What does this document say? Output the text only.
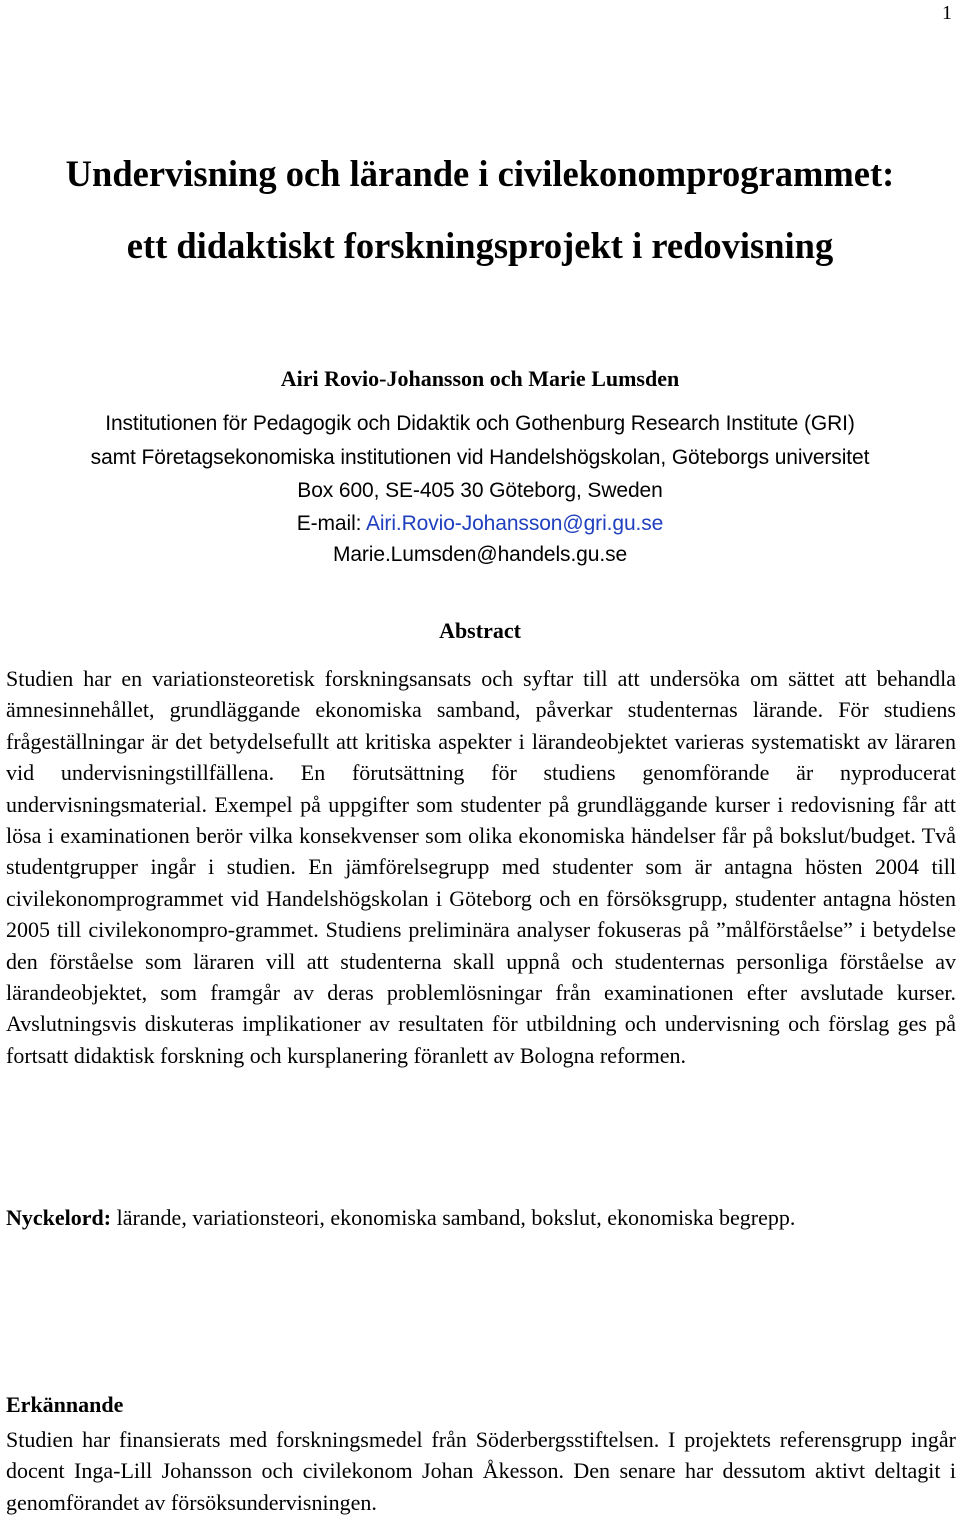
1
Undervisning och lärande i civilekonomprogrammet:
ett didaktiskt forskningsprojekt i redovisning

Airi Rovio-Johansson och Marie Lumsden

Institutionen för Pedagogik och Didaktik och Gothenburg Research Institute (GRI)

samt Företagsekonomiska institutionen vid Handelshögskolan, Göteborgs universitet

Box 600, SE-405 30 Göteborg, Sweden

E-mail: Airi.Rovio-Johansson@gri.gu.se

Marie.Lumsden@handels.gu.se

Abstract

Studien har en variationsteoretisk forskningsansats och syftar till att undersöka om sättet att behandla ämnesinnehållet, grundläggande ekonomiska samband, påverkar studenternas lärande. För studiens frågeställningar är det betydelsefullt att kritiska aspekter i lärandeobjektet varieras systematiskt av läraren vid undervisningstillfällena. En förutsättning för studiens genomförande är nyproducerat undervisningsmaterial. Exempel på uppgifter som studenter på grundläggande kurser i redovisning får att lösa i examinationen berör vilka konsekvenser som olika ekonomiska händelser får på bokslut/budget. Två studentgrupper ingår i studien. En jämförelsegrupp med studenter som är antagna hösten 2004 till civilekonomprogrammet vid Handelshögskolan i Göteborg och en försöksgrupp, studenter antagna hösten 2005 till civilekonompro-grammet. Studiens preliminära analyser fokuseras på ”målförståelse” i betydelse den förståelse som läraren vill att studenterna skall uppnå och studenternas personliga förståelse av lärandeobjektet, som framgår av deras problemlösningar från examinationen efter avslutade kurser. Avslutningsvis diskuteras implikationer av resultaten för utbildning och undervisning och förslag ges på fortsatt didaktisk forskning och kursplanering föranlett av Bologna reformen.

Nyckelord: lärande, variationsteori, ekonomiska samband, bokslut, ekonomiska begrepp.

Erkännande

Studien har finansierats med forskningsmedel från Söderbergsstiftelsen. I projektets referensgrupp ingår docent Inga-Lill Johansson och civilekonom Johan Åkesson. Den senare har dessutom aktivt deltagit i genomförandet av försöksundervisningen.
